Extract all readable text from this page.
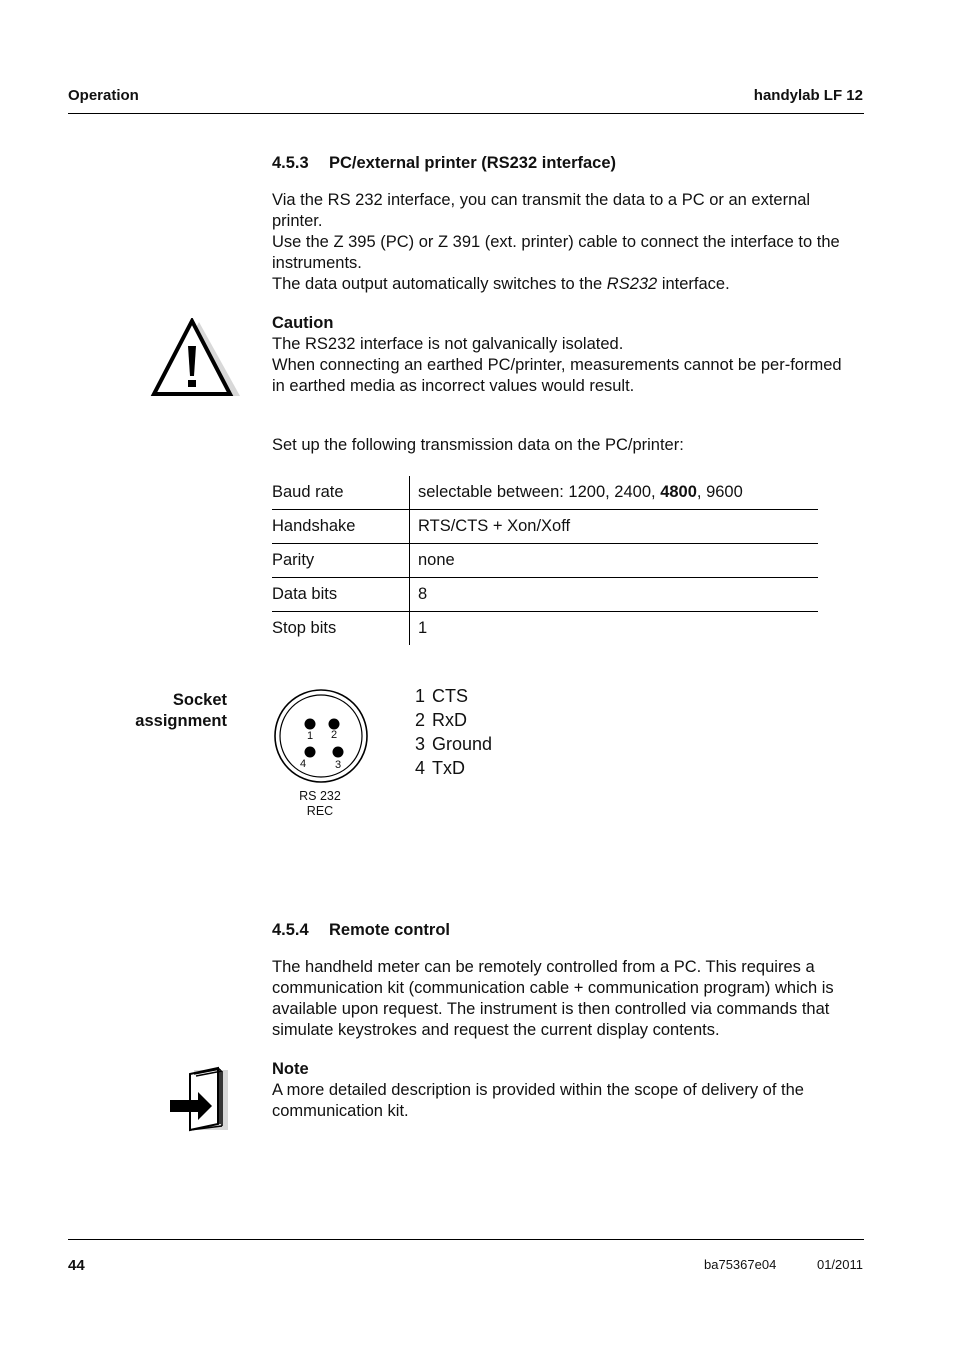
Operation	handylab LF 12
4.5.3 PC/external printer (RS232 interface)

Via the RS 232 interface, you can transmit the data to a PC or an external printer.

Use the Z 395 (PC) or Z 391 (ext. printer) cable to connect the interface to the instruments.

The data output automatically switches to the RS232 interface.

Caution

The RS232 interface is not galvanically isolated.

When connecting an earthed PC/printer, measurements cannot be per-formed in earthed media as incorrect values would result.

Set up the following transmission data on the PC/printer:
Baud rate	selectable between: 1200, 2400, 4800, 9600
Handshake	RTS/CTS + Xon/Xoff
Parity	none
Data bits	8
Stop bits	1
Socket
assignment
1 2
4	3
RS 232
REC
1 CTS
2 RxD
3 Ground
4 TxD
4.5.4 Remote control
The handheld meter can be remotely controlled from a PC. This requires a communication kit (communication cable + communication program) which is available upon request. The instrument is then controlled via commands that simulate keystrokes and request the current display contents.

Note

A more detailed description is provided within the scope of delivery of the communication kit.

44	ba75367e04	01/2011
